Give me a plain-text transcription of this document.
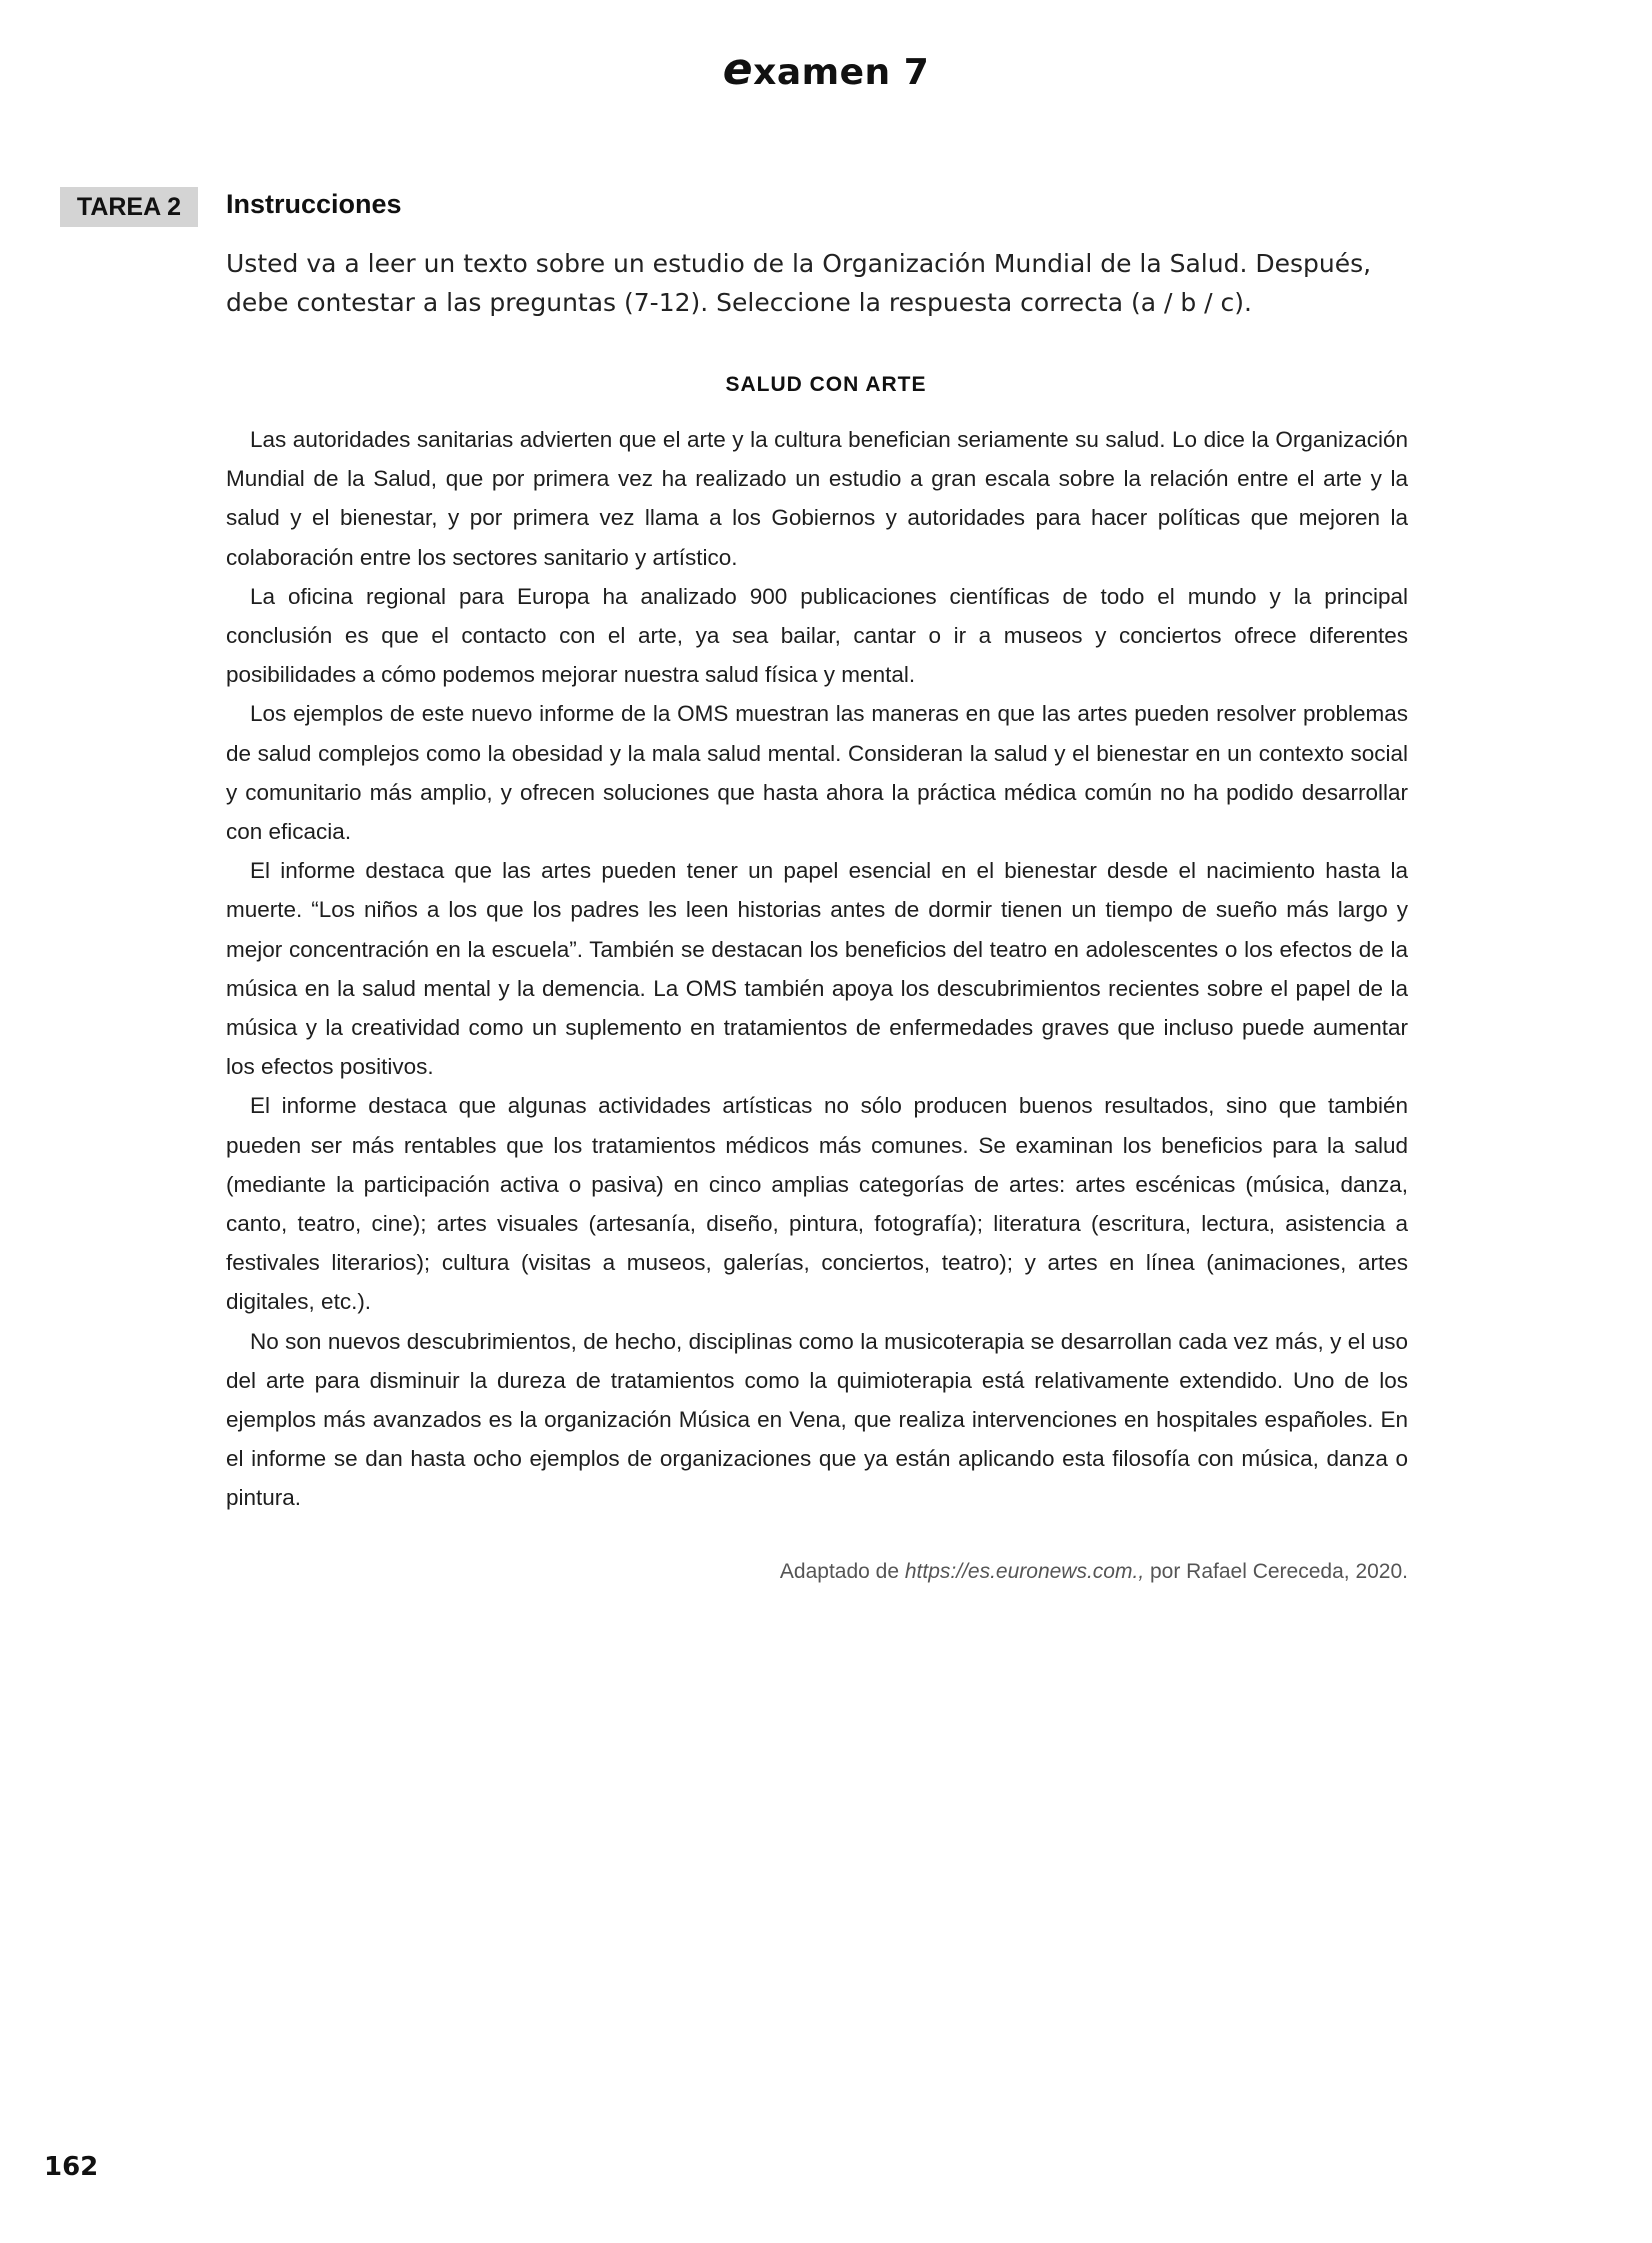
examen 7
TAREA 2	Instrucciones
Usted va a leer un texto sobre un estudio de la Organización Mundial de la Salud. Después, debe contestar a las preguntas (7-12). Seleccione la respuesta correcta (a / b / c).
SALUD CON ARTE

Las autoridades sanitarias advierten que el arte y la cultura benefician seriamente su salud. Lo dice la Organización Mundial de la Salud, que por primera vez ha realizado un estudio a gran escala sobre la relación entre el arte y la salud y el bienestar, y por primera vez llama a los Gobiernos y autoridades para hacer políticas que mejoren la colaboración entre los sectores sanitario y artístico.

La oficina regional para Europa ha analizado 900 publicaciones científicas de todo el mundo y la principal conclusión es que el contacto con el arte, ya sea bailar, cantar o ir a museos y conciertos ofrece diferentes posibilidades a cómo podemos mejorar nuestra salud física y mental.

Los ejemplos de este nuevo informe de la OMS muestran las maneras en que las artes pueden resolver problemas de salud complejos como la obesidad y la mala salud mental. Consideran la salud y el bienestar en un contexto social y comunitario más amplio, y ofrecen soluciones que hasta ahora la práctica médica común no ha podido desarrollar con eficacia.

El informe destaca que las artes pueden tener un papel esencial en el bienestar desde el nacimiento hasta la muerte. “Los niños a los que los padres les leen historias antes de dormir tienen un tiempo de sueño más largo y mejor concentración en la escuela”. También se destacan los beneficios del teatro en adolescentes o los efectos de la música en la salud mental y la demencia. La OMS también apoya los descubrimientos recientes sobre el papel de la música y la creatividad como un suplemento en tratamientos de enfermedades graves que incluso puede aumentar los efectos positivos.

El informe destaca que algunas actividades artísticas no sólo producen buenos resultados, sino que también pueden ser más rentables que los tratamientos médicos más comunes. Se examinan los beneficios para la salud (mediante la participación activa o pasiva) en cinco amplias categorías de artes: artes escénicas (música, danza, canto, teatro, cine); artes visuales (artesanía, diseño, pintura, fotografía); literatura (escritura, lectura, asistencia a festivales literarios); cultura (visitas a museos, galerías, conciertos, teatro); y artes en línea (animaciones, artes digitales, etc.).

No son nuevos descubrimientos, de hecho, disciplinas como la musicoterapia se desarrollan cada vez más, y el uso del arte para disminuir la dureza de tratamientos como la quimioterapia está relativamente extendido. Uno de los ejemplos más avanzados es la organización Música en Vena, que realiza intervenciones en hospitales españoles. En el informe se dan hasta ocho ejemplos de organizaciones que ya están aplicando esta filosofía con música, danza o pintura.

Adaptado de https://es.euronews.com., por Rafael Cereceda, 2020.
162
